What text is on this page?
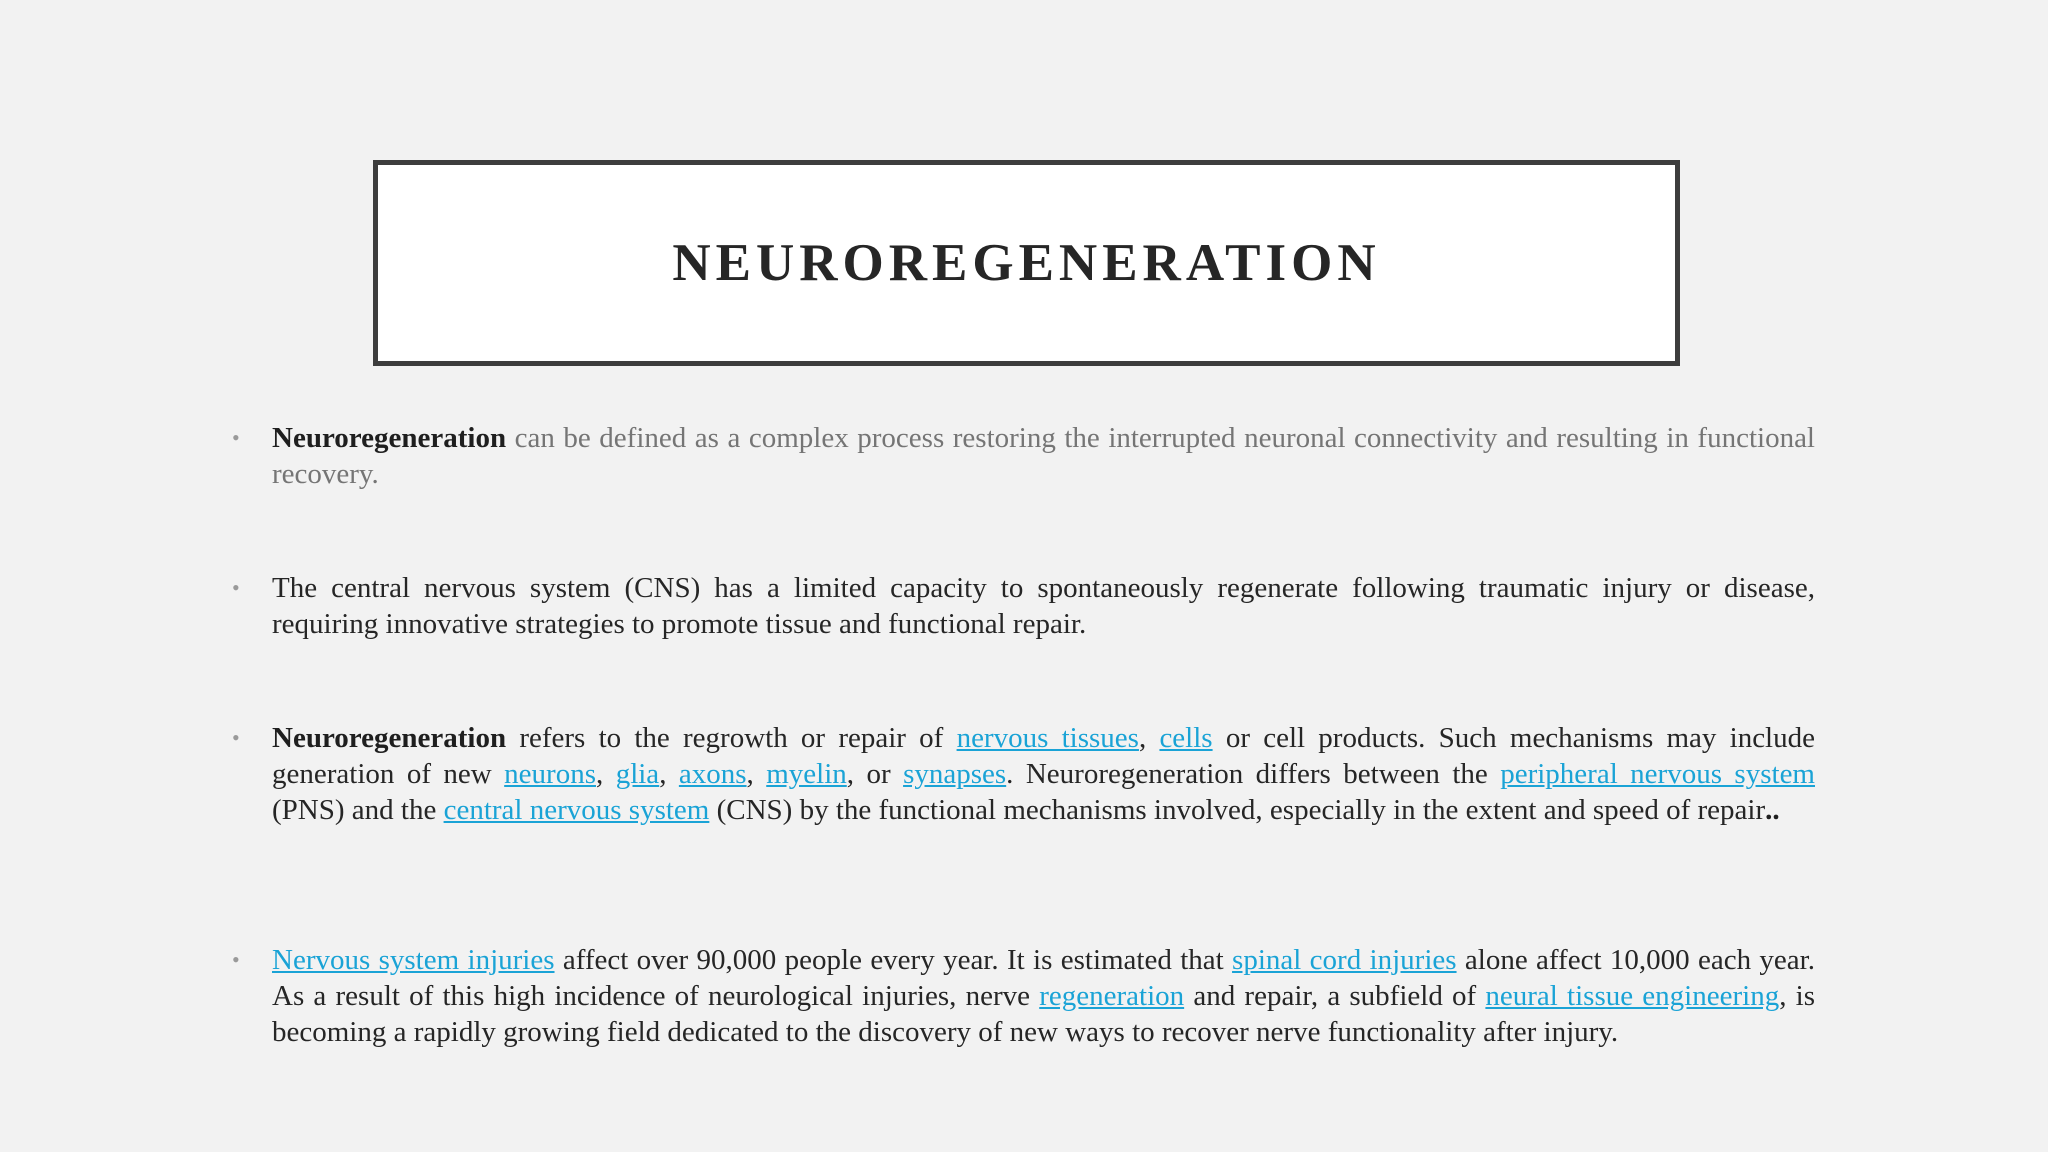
NEUROREGENERATION
• Neuroregeneration can be defined as a complex process restoring the interrupted neuronal connectivity and resulting in functional recovery.
• The central nervous system (CNS) has a limited capacity to spontaneously regenerate following traumatic injury or disease, requiring innovative strategies to promote tissue and functional repair.
• Neuroregeneration refers to the regrowth or repair of nervous tissues, cells or cell products. Such mechanisms may include generation of new neurons, glia, axons, myelin, or synapses. Neuroregeneration differs between the peripheral nervous system (PNS) and the central nervous system (CNS) by the functional mechanisms involved, especially in the extent and speed of repair..
• Nervous system injuries affect over 90,000 people every year. It is estimated that spinal cord injuries alone affect 10,000 each year. As a result of this high incidence of neurological injuries, nerve regeneration and repair, a subfield of neural tissue engineering, is becoming a rapidly growing field dedicated to the discovery of new ways to recover nerve functionality after injury.
